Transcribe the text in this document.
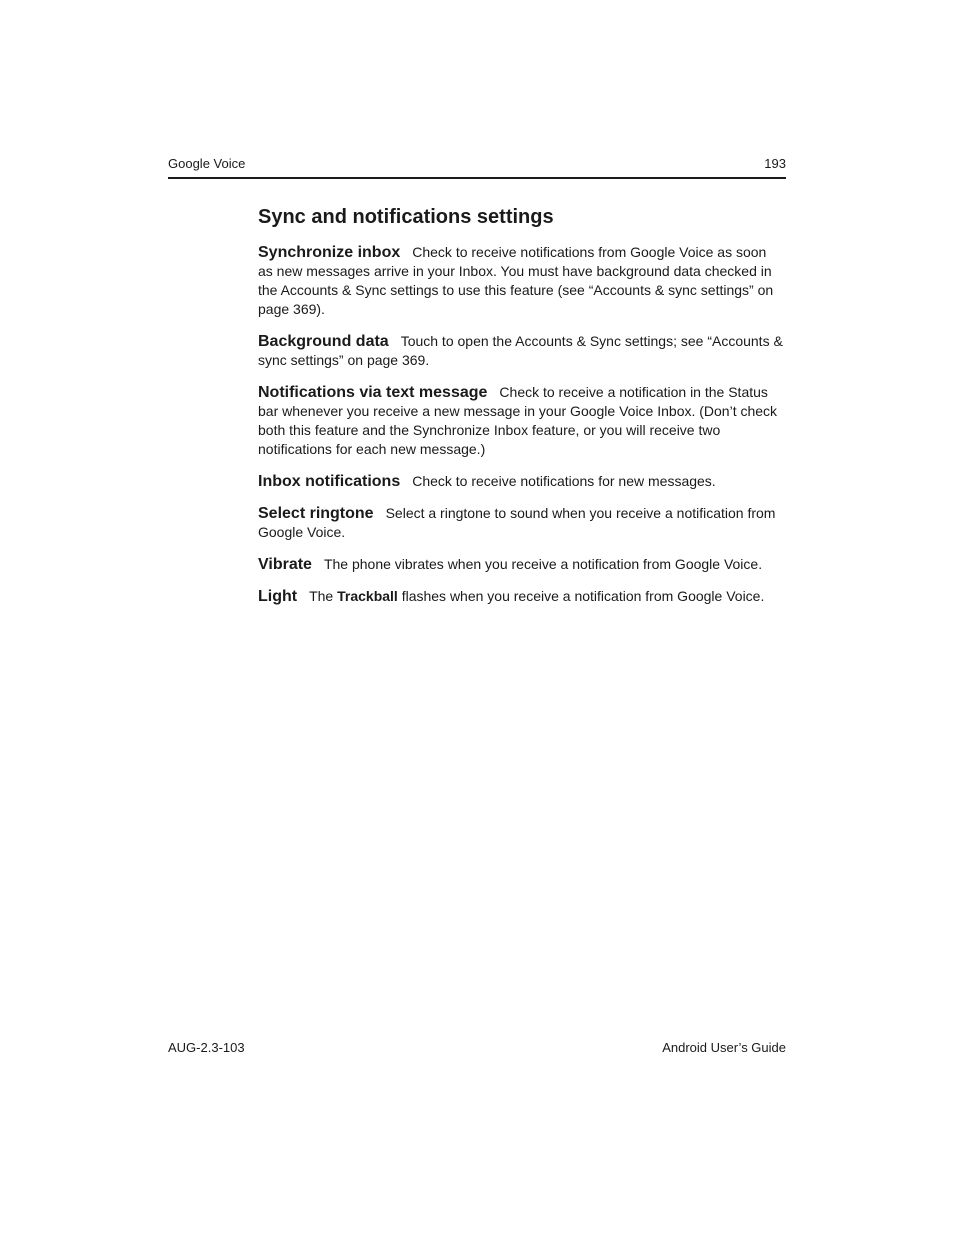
Google Voice	193
Sync and notifications settings

Synchronize inbox Check to receive notifications from Google Voice as soon as new messages arrive in your Inbox. You must have background data checked in the Accounts & Sync settings to use this feature (see “Accounts & sync settings” on page 369).

Background data Touch to open the Accounts & Sync settings; see “Accounts & sync settings” on page 369.

Notifications via text message Check to receive a notification in the Status bar whenever you receive a new message in your Google Voice Inbox. (Don’t check both this feature and the Synchronize Inbox feature, or you will receive two notifications for each new message.)

Inbox notifications Check to receive notifications for new messages.

Select ringtone Select a ringtone to sound when you receive a notification from Google Voice.

Vibrate The phone vibrates when you receive a notification from Google Voice.

Light The Trackball flashes when you receive a notification from Google Voice.

AUG-2.3-103	Android User’s Guide
